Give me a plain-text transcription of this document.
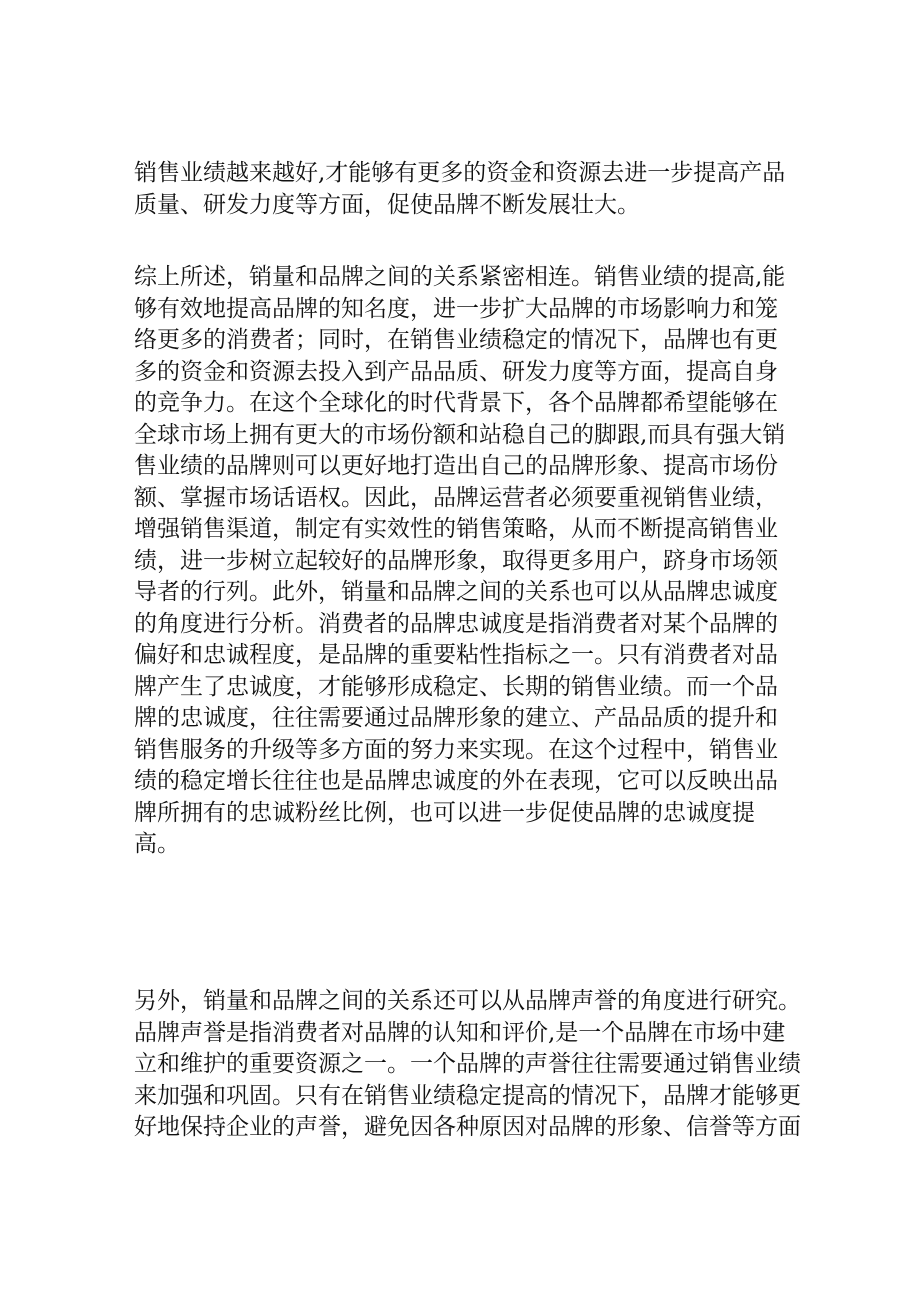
销售业绩越来越好,才能够有更多的资金和资源去进一步提高产品
质量、研发力度等方面，促使品牌不断发展壮大。
综上所述，销量和品牌之间的关系紧密相连。销售业绩的提高,能
够有效地提高品牌的知名度，进一步扩大品牌的市场影响力和笼
络更多的消费者；同时，在销售业绩稳定的情况下，品牌也有更
多的资金和资源去投入到产品品质、研发力度等方面，提高自身
的竞争力。在这个全球化的时代背景下，各个品牌都希望能够在
全球市场上拥有更大的市场份额和站稳自己的脚跟,而具有强大销
售业绩的品牌则可以更好地打造出自己的品牌形象、提高市场份
额、掌握市场话语权。因此，品牌运营者必须要重视销售业绩，
增强销售渠道，制定有实效性的销售策略，从而不断提高销售业
绩，进一步树立起较好的品牌形象，取得更多用户，跻身市场领
导者的行列。此外，销量和品牌之间的关系也可以从品牌忠诚度
的角度进行分析。消费者的品牌忠诚度是指消费者对某个品牌的
偏好和忠诚程度，是品牌的重要粘性指标之一。只有消费者对品
牌产生了忠诚度，才能够形成稳定、长期的销售业绩。而一个品
牌的忠诚度，往往需要通过品牌形象的建立、产品品质的提升和
销售服务的升级等多方面的努力来实现。在这个过程中，销售业
绩的稳定增长往往也是品牌忠诚度的外在表现，它可以反映出品
牌所拥有的忠诚粉丝比例，也可以进一步促使品牌的忠诚度提
高。
另外，销量和品牌之间的关系还可以从品牌声誉的角度进行研究。
品牌声誉是指消费者对品牌的认知和评价,是一个品牌在市场中建
立和维护的重要资源之一。一个品牌的声誉往往需要通过销售业绩
来加强和巩固。只有在销售业绩稳定提高的情况下，品牌才能够更
好地保持企业的声誉，避免因各种原因对品牌的形象、信誉等方面
